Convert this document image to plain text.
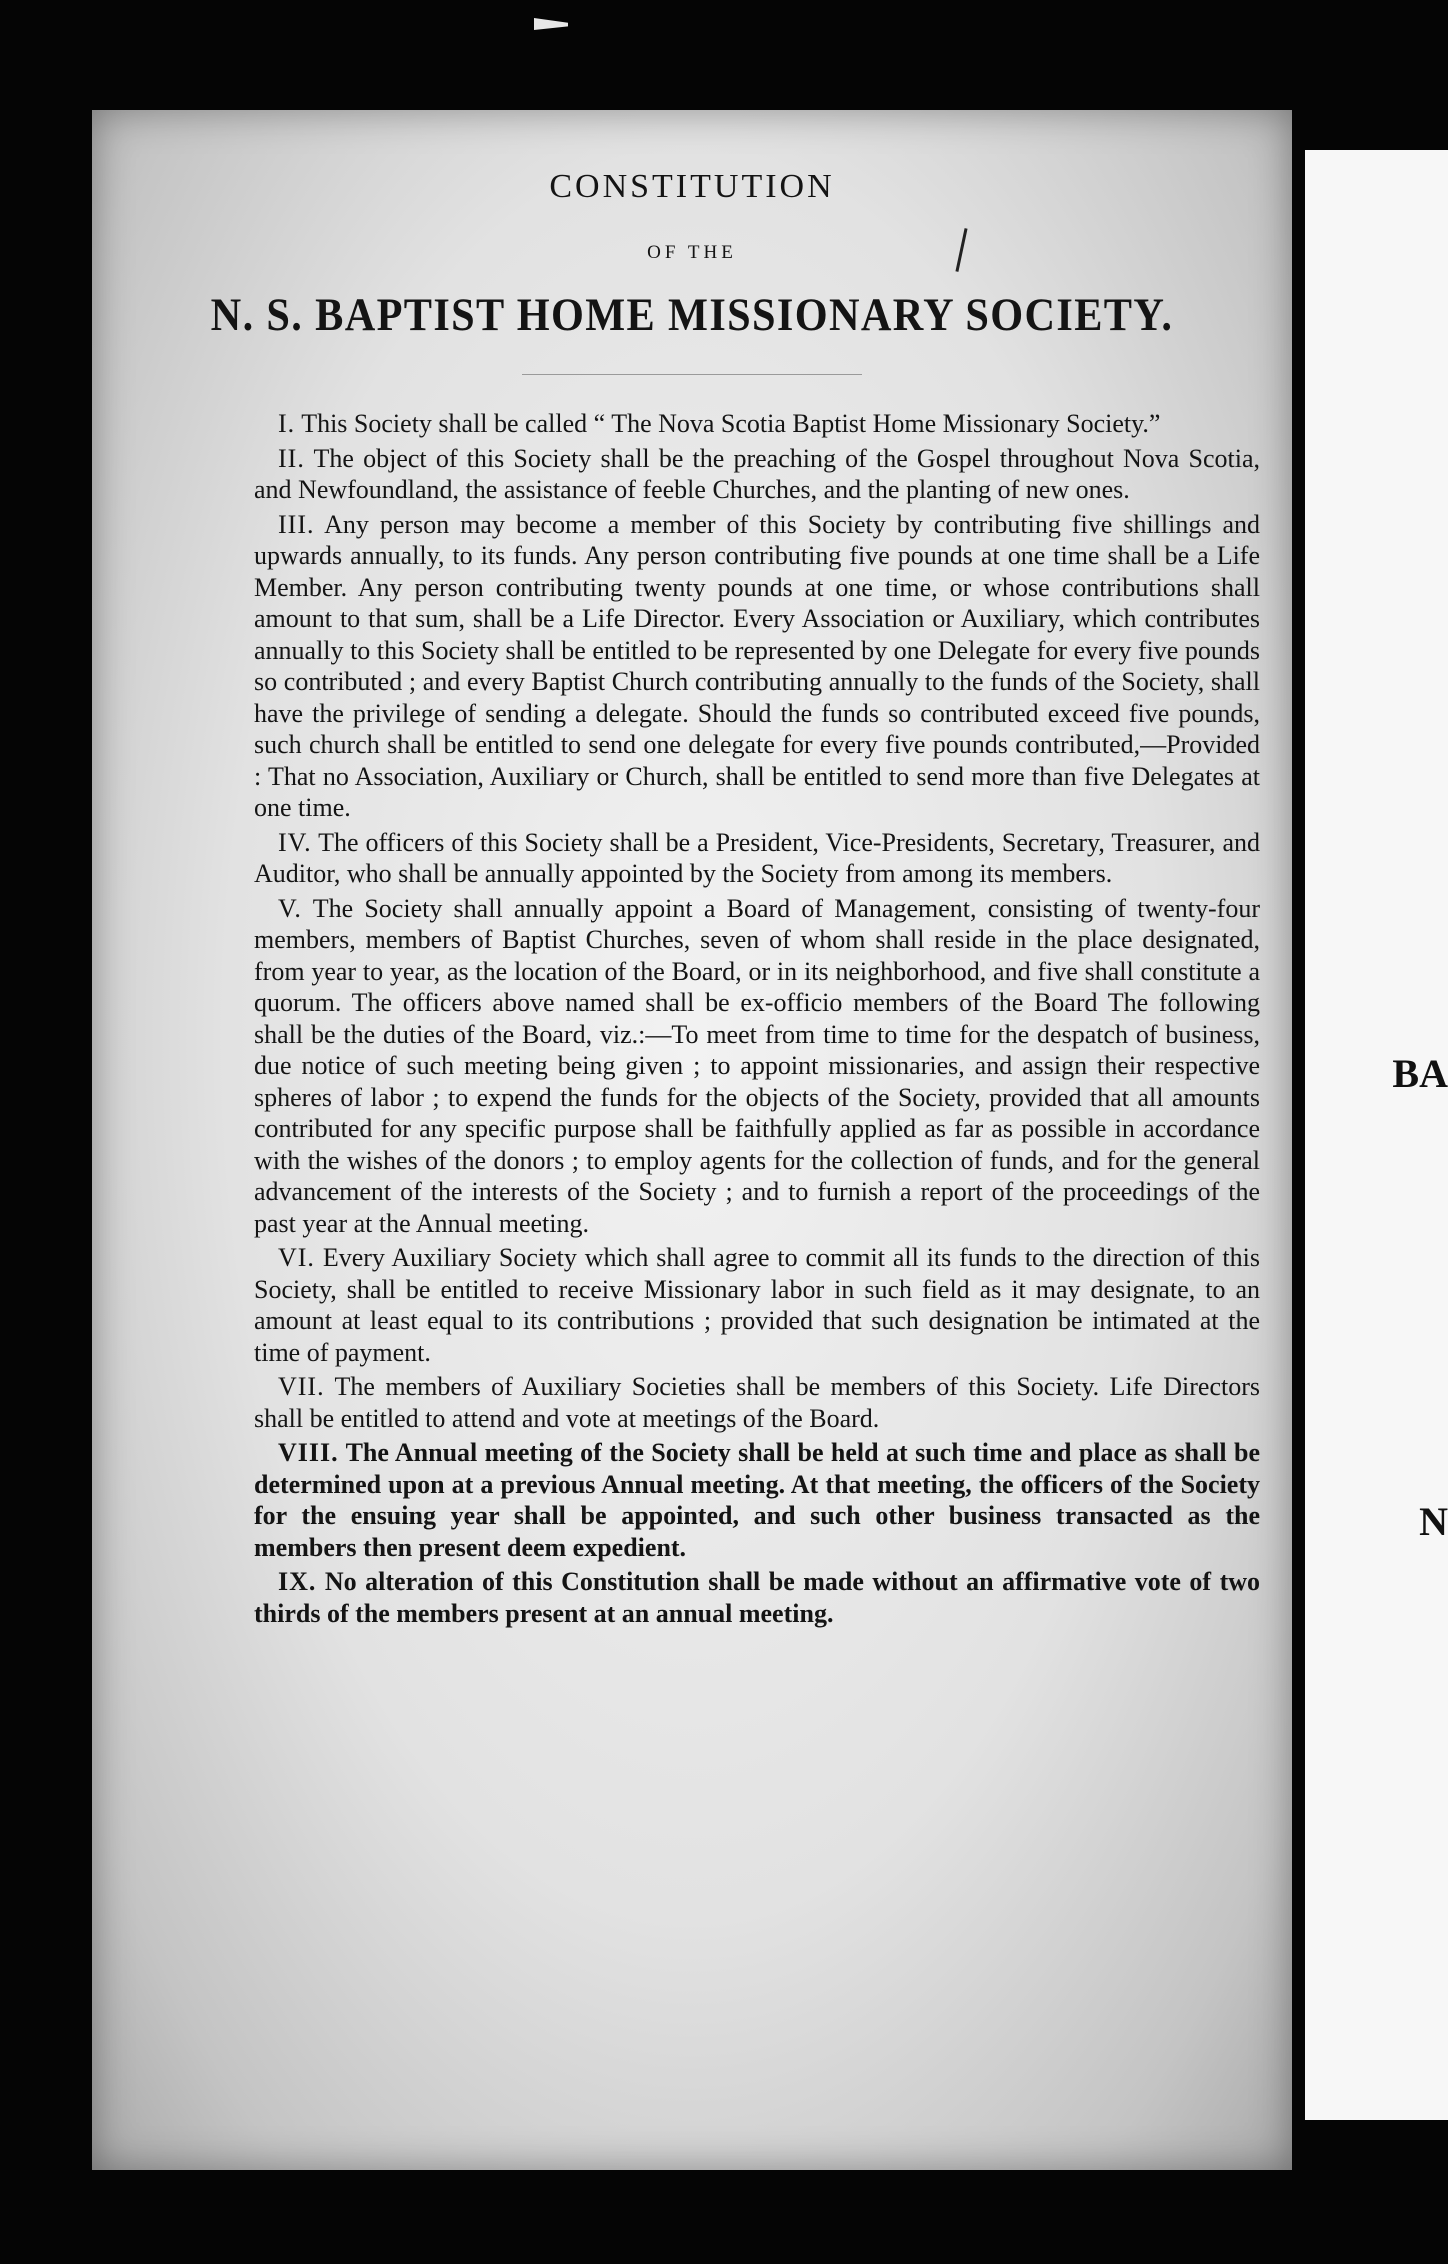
CONSTITUTION
OF THE
N. S. BAPTIST HOME MISSIONARY SOCIETY.

I. This Society shall be called “ The Nova Scotia Baptist Home Missionary Society.”

II. The object of this Society shall be the preaching of the Gospel throughout Nova Scotia, and Newfoundland, the assistance of feeble Churches, and the planting of new ones.

III. Any person may become a member of this Society by contributing five shillings and upwards annually, to its funds. Any person contributing five pounds at one time shall be a Life Member. Any person contributing twenty pounds at one time, or whose contributions shall amount to that sum, shall be a Life Director. Every Association or Auxiliary, which contributes annually to this Society shall be entitled to be represented by one Delegate for every five pounds so contributed ; and every Baptist Church contributing annually to the funds of the Society, shall have the privilege of sending a delegate. Should the funds so contributed exceed five pounds, such church shall be entitled to send one delegate for every five pounds contributed,—Provided : That no Association, Auxiliary or Church, shall be entitled to send more than five Delegates at one time.

IV. The officers of this Society shall be a President, Vice-Presidents, Secretary, Treasurer, and Auditor, who shall be annually appointed by the Society from among its members.

V. The Society shall annually appoint a Board of Management, consisting of twenty-four members, members of Baptist Churches, seven of whom shall reside in the place designated, from year to year, as the location of the Board, or in its neighborhood, and five shall constitute a quorum. The officers above named shall be ex-officio members of the Board The following shall be the duties of the Board, viz.:—To meet from time to time for the despatch of business, due notice of such meeting being given ; to appoint missionaries, and assign their respective spheres of labor ; to expend the funds for the objects of the Society, provided that all amounts contributed for any specific purpose shall be faithfully applied as far as possible in accordance with the wishes of the donors ; to employ agents for the collection of funds, and for the general advancement of the interests of the Society ; and to furnish a report of the proceedings of the past year at the Annual meeting.

VI. Every Auxiliary Society which shall agree to commit all its funds to the direction of this Society, shall be entitled to receive Missionary labor in such field as it may designate, to an amount at least equal to its contributions ; provided that such designation be intimated at the time of payment.

VII. The members of Auxiliary Societies shall be members of this Society. Life Directors shall be entitled to attend and vote at meetings of the Board.

VIII. The Annual meeting of the Society shall be held at such time and place as shall be determined upon at a previous Annual meeting. At that meeting, the officers of the Society for the ensuing year shall be appointed, and such other business transacted as the members then present deem expedient.

IX. No alteration of this Constitution shall be made without an affirmative vote of two thirds of the members present at an annual meeting.

BA
N
